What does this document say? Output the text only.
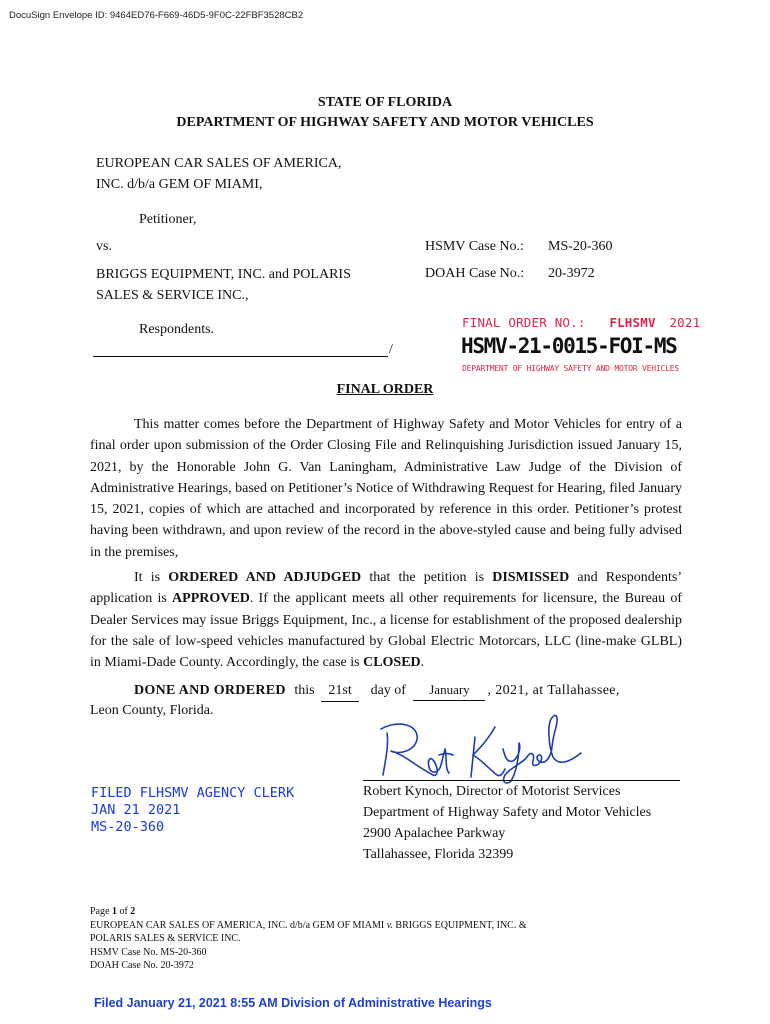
DocuSign Envelope ID: 9464ED76-F669-46D5-9F0C-22FBF3528CB2
STATE OF FLORIDA
DEPARTMENT OF HIGHWAY SAFETY AND MOTOR VEHICLES
EUROPEAN CAR SALES OF AMERICA,
INC. d/b/a GEM OF MIAMI,
Petitioner,
vs.
BRIGGS EQUIPMENT, INC. and POLARIS
SALES & SERVICE INC.,
Respondents.
/
HSMV Case No.: MS-20-360
DOAH Case No.: 20-3972
FINAL ORDER NO.: FLHSMV 2021
HSMV-21-0015-FOI-MS
DEPARTMENT OF HIGHWAY SAFETY AND MOTOR VEHICLES
FINAL ORDER

This matter comes before the Department of Highway Safety and Motor Vehicles for entry of a final order upon submission of the Order Closing File and Relinquishing Jurisdiction issued January 15, 2021, by the Honorable John G. Van Laningham, Administrative Law Judge of the Division of Administrative Hearings, based on Petitioner’s Notice of Withdrawing Request for Hearing, filed January 15, 2021, copies of which are attached and incorporated by reference in this order. Petitioner’s protest having been withdrawn, and upon review of the record in the above-styled cause and being fully advised in the premises,

It is ORDERED AND ADJUDGED that the petition is DISMISSED and Respondents’ application is APPROVED. If the applicant meets all other requirements for licensure, the Bureau of Dealer Services may issue Briggs Equipment, Inc., a license for establishment of the proposed dealership for the sale of low-speed vehicles manufactured by Global Electric Motorcars, LLC (line-make GLBL) in Miami-Dade County. Accordingly, the case is CLOSED.

DONE AND ORDERED this 21st day of January , 2021, at Tallahassee,
Leon County, Florida.
Robert Kynoch, Director of Motorist Services
Department of Highway Safety and Motor Vehicles
2900 Apalachee Parkway
Tallahassee, Florida 32399
FILED FLHSMV AGENCY CLERK
JAN 21 2021
MS-20-360
Page 1 of 2
EUROPEAN CAR SALES OF AMERICA, INC. d/b/a GEM OF MIAMI v. BRIGGS EQUIPMENT, INC. &
POLARIS SALES & SERVICE INC.
HSMV Case No. MS-20-360
DOAH Case No. 20-3972
Filed January 21, 2021 8:55 AM Division of Administrative Hearings
